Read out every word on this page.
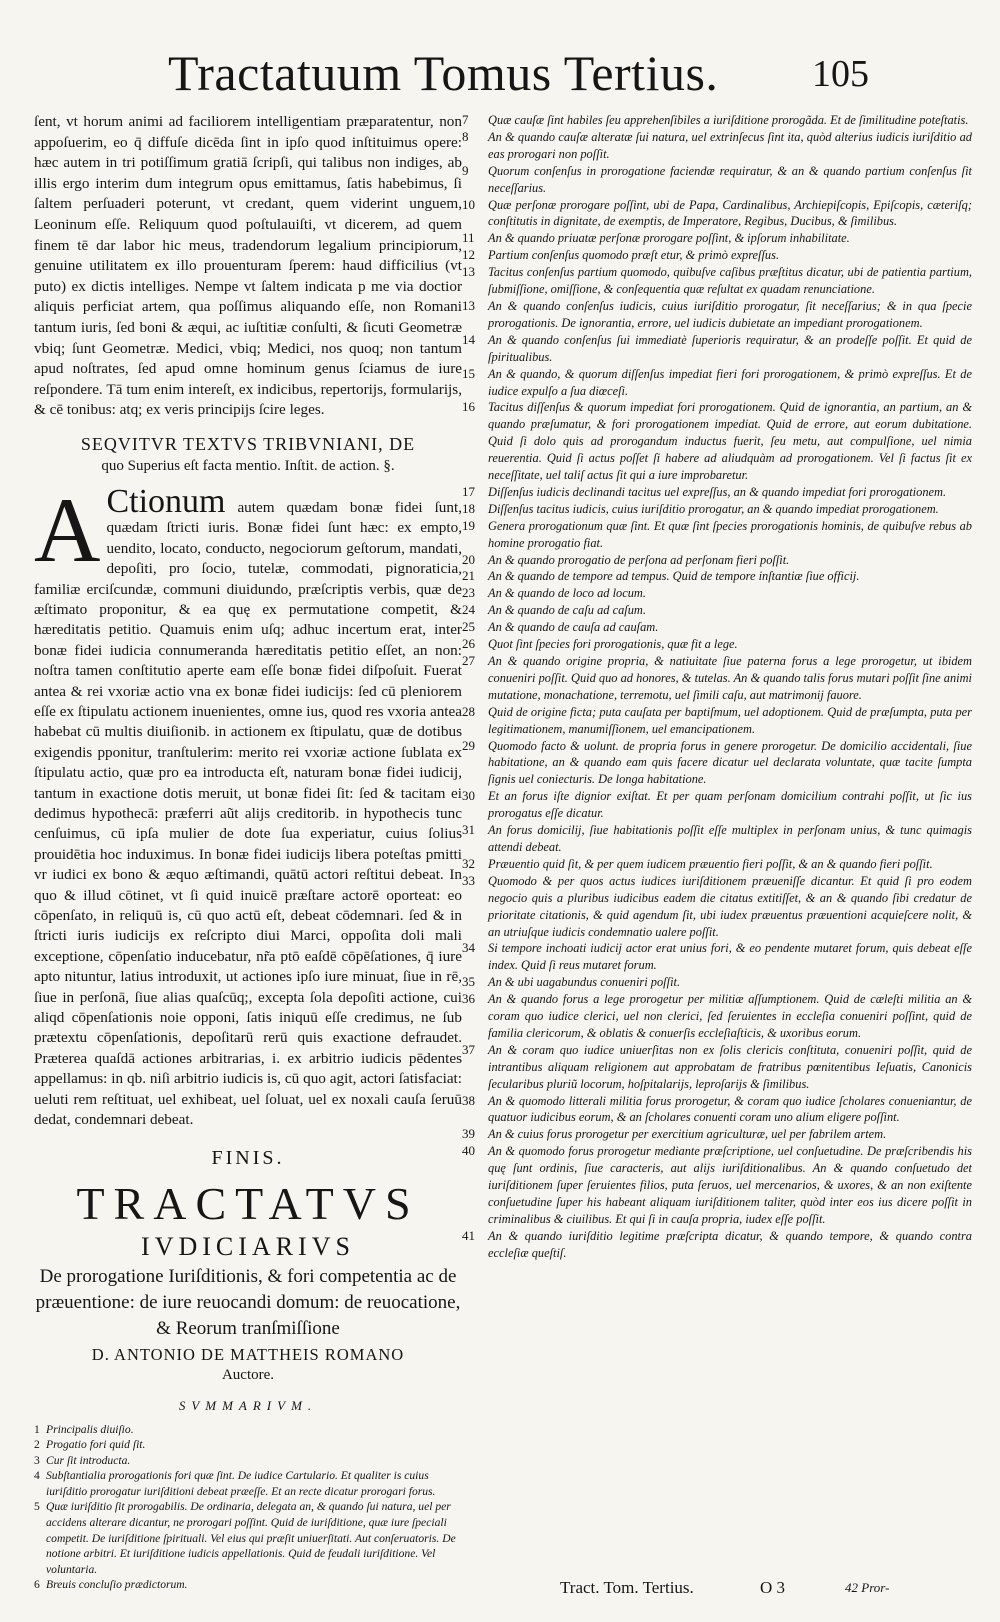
Tractatuum Tomus Tertius. 105
ſent, vt horum animi ad faciliorem intelligentiam præparatentur, non appoſuerim, eo q̄ diffuſe dicēda ſint in ipſo quod inſtituimus opere: hæc autem in tri potiſſimum gratiā ſcripſi, qui talibus non indiges, ab illis ergo interim dum integrum opus emittamus, ſatis habebimus, ſi ſaltem perſuaderi poterunt, vt credant, quem viderint unguem, Leoninum eſſe. Reliquum quod poſtulauiſti, vt dicerem, ad quem finem tē dar labor hic meus, tradendorum legalium principiorum, genuine utilitatem ex illo prouenturam ſperem: haud difficilius (vt puto) ex dictis intelliges. Nempe vt ſaltem indicata p me via doctior aliquis perficiat artem, qua poſſimus aliquando eſſe, non Romani tantum iuris, ſed boni & æqui, ac iuſtitiæ conſulti, & ſicuti Geometræ vbiq; ſunt Geometræ. Medici, vbiq; Medici, nos quoq; non tantum apud noſtrates, ſed apud omne hominum genus ſciamus de iure reſpondere. Tā tum enim intereſt, ex indicibus, repertorijs, formularijs, & cē tonibus: atq; ex veris principijs ſcire leges.
SEQVITVR TEXTVS TRIBVNIANI, DE
quo Superius eſt facta mentio. Inſtit. de action. §.
A Ctionum autem quædam bonæ fidei ſunt, quædam ſtricti iuris. Bonæ fidei ſunt hæc: ex empto, uendito, locato, conducto, negociorum geſtorum, mandati, depoſiti, pro ſocio, tutelæ, commodati, pignoraticia, familiæ erciſcundæ, communi diuidundo, præſcriptis verbis, quæ de æſtimato proponitur, & ea quę ex permutatione competit, & hæreditatis petitio. Quamuis enim uſq; adhuc incertum erat, inter bonæ fidei iudicia connumeranda hæreditatis petitio eſſet, an non: noſtra tamen conſtitutio aperte eam eſſe bonæ fidei diſpoſuit. Fuerat antea & rei vxoriæ actio vna ex bonæ fidei iudicijs: ſed cū pleniorem eſſe ex ſtipulatu actionem inuenientes, omne ius, quod res vxoria antea habebat cū multis diuiſionib. in actionem ex ſtipulatu, quæ de dotibus exigendis pponitur, tranſtulerim: merito rei vxoriæ actione ſublata ex ſtipulatu actio, quæ pro ea introducta eſt, naturam bonæ fidei iudicij, tantum in exactione dotis meruit, ut bonæ fidei ſit: ſed & tacitam ei dedimus hypothecā: præferri aũt alijs creditorib. in hypothecis tunc cenſuimus, cū ipſa mulier de dote ſua experiatur, cuius ſolius prouidētia hoc induximus. In bonæ fidei iudicijs libera poteſtas pmitti vr iudici ex bono & æquo æſtimandi, quātū actori reſtitui debeat. In quo & illud cōtinet, vt ſi quid inuicē præſtare actorē oporteat: eo cōpenſato, in reliquū is, cū quo actū eſt, debeat cōdemnari. ſed & in ſtricti iuris iudicijs ex reſcripto diui Marci, oppoſita doli mali exceptione, cōpenſatio inducebatur, nr̃a ptō eaſdē cōpēſationes, q̄ iure apto nituntur, latius introduxit, ut actiones ipſo iure minuat, ſiue in rē, ſiue in perſonā, ſiue alias quaſcūq;, excepta ſola depoſiti actione, cui aliqd cōpenſationis noie opponi, ſatis iniquū eſſe credimus, ne ſub prætextu cōpenſationis, depoſitarū rerū quis exactione defraudet. Præterea quaſdā actiones arbitrarias, i. ex arbitrio iudicis pēdentes appellamus: in qb. niſi arbitrio iudicis is, cū quo agit, actori ſatisfaciat: ueluti rem reſtituat, uel exhibeat, uel ſoluat, uel ex noxali cauſa ſeruū dedat, condemnari debeat.
FINIS.
TRACTATVS
IVDICIARIVS
De prorogatione Iuriſditionis, & fori competentia ac de præuentione: de iure reuocandi domum: de reuocatione, & Reorum tranſmiſſione
D. ANTONIO DE MATTHEIS ROMANO
Auctore.
SVMMARIVM.
1 Principalis diuiſio.
2 Progatio fori quid ſit.
3 Cur ſit introducta.
4 Subſtantialia prorogationis fori quæ ſint. De iudice Cartulario. Et qualiter is cuius iuriſditio prorogatur iuriſditioni debeat præeſſe. Et an recte dicatur prorogari forus.
5 Quæ iuriſditio ſit prorogabilis. De ordinaria, delegata an, & quando ſui natura, uel per accidens alterare dicantur, ne prorogari poſſint. Quid de iuriſditione, quæ iure ſpeciali competit. De iuriſditione ſpirituali. Vel eius qui præſit uniuerſitati. Aut conſeruatoris. De notione arbitri. Et iuriſditione iudicis appellationis. Quid de feudali iuriſditione. Vel voluntaria.
6 Breuis concluſio prædictorum.
7	Quæ cauſæ ſint habiles ſeu apprehenſibiles a iuriſditione prorogãda. Et de ſimilitudine poteſtatis.
8	An & quando cauſæ alteratæ ſui natura, uel extrinſecus ſint ita, quòd alterius iudicis iuriſditio ad eas prorogari non poſſit.
9	Quorum conſenſus in prorogatione faciendæ requiratur, & an & quando partium conſenſus ſit neceſſarius.
10	Quæ perſonæ prorogare poſſint, ubi de Papa, Cardinalibus, Archiepiſcopis, Epiſcopis, cæteriſq; conſtitutis in dignitate, de exemptis, de Imperatore, Regibus, Ducibus, & ſimilibus.
11	An & quando priuatæ perſonæ prorogare poſſint, & ipſorum inhabilitate.
12	Partium conſenſus quomodo præſt etur, & primò expreſſus.
13	Tacitus conſenſus partium quomodo, quibuſve caſibus præſtitus dicatur, ubi de patientia partium, ſubmiſſione, omiſſione, & conſequentia quæ reſultat ex quadam renunciatione.
13	An & quando conſenſus iudicis, cuius iuriſditio prorogatur, ſit neceſſarius; & in qua ſpecie prorogationis. De ignorantia, errore, uel iudicis dubietate an impediant prorogationem.
14	An & quando conſenſus ſui immediatè ſuperioris requiratur, & an prodeſſe poſſit. Et quid de ſpiritualibus.
15	An & quando, & quorum diſſenſus impediat fieri fori prorogationem, & primò expreſſus. Et de iudice expulſo a ſua diœceſi.
16	Tacitus diſſenſus & quorum impediat fori prorogationem. Quid de ignorantia, an partium, an & quando præſumatur, & fori prorogationem impediat. Quid de errore, aut eorum dubitatione. Quid ſi dolo quis ad prorogandum inductus fuerit, ſeu metu, aut compulſione, uel nimia reuerentia. Quid ſi actus poſſet ſi habere ad aliudquàm ad prorogationem. Vel ſi factus ſit ex neceſſitate, uel taliſ actus ſit qui a iure improbaretur.
17	Diſſenſus iudicis declinandi tacitus uel expreſſus, an & quando impediat fori prorogationem.
18	Diſſenſus tacitus iudicis, cuius iuriſditio prorogatur, an & quando impediat prorogationem.
19	Genera prorogationum quæ ſint. Et quæ ſint ſpecies prorogationis hominis, de quibuſve rebus ab homine prorogatio fiat.
20	An & quando prorogatio de perſona ad perſonam fieri poſſit.
21	An & quando de tempore ad tempus. Quid de tempore inſtantiæ ſiue officij.
23	An & quando de loco ad locum.
24	An & quando de caſu ad caſum.
25	An & quando de cauſa ad cauſam.
26	Quot ſint ſpecies fori prorogationis, quæ fit a lege.
27	An & quando origine propria, & natiuitate ſiue paterna forus a lege prorogetur, ut ibidem conueniri poſſit. Quid quo ad honores, & tutelas. An & quando talis forus mutari poſſit ſine animi mutatione, monachatione, terremotu, uel ſimili caſu, aut matrimonij fauore.
28	Quid de origine ficta; puta cauſata per baptiſmum, uel adoptionem. Quid de præſumpta, puta per legitimationem, manumiſſionem, uel emancipationem.
29	Quomodo facto & uolunt. de propria forus in genere prorogetur. De domicilio accidentali, ſiue habitatione, an & quando eam quis facere dicatur uel declarata voluntate, quæ tacite ſumpta ſignis uel coniecturis. De longa habitatione.
30	Et an forus iſte dignior exiſtat. Et per quam perſonam domicilium contrahi poſſit, ut ſic ius prorogatus eſſe dicatur.
31	An forus domicilij, ſiue habitationis poſſit eſſe multiplex in perſonam unius, & tunc quimagis attendi debeat.
32	Præuentio quid ſit, & per quem iudicem præuentio fieri poſſit, & an & quando fieri poſſit.
33	Quomodo & per quos actus iudices iuriſditionem præueniſſe dicantur. Et quid ſi pro eodem negocio quis a pluribus iudicibus eadem die citatus extitiſſet, & an & quando ſibi credatur de prioritate citationis, & quid agendum ſit, ubi iudex præuentus præuentioni acquieſcere nolit, & an utriuſque iudicis condemnatio ualere poſſit.
34	Si tempore inchoati iudicij actor erat unius fori, & eo pendente mutaret forum, quis debeat eſſe index. Quid ſi reus mutaret forum.
35	An & ubi uagabundus conueniri poſſit.
36	An & quando forus a lege prorogetur per militiæ aſſumptionem. Quid de cæleſti militia an & coram quo iudice clerici, uel non clerici, ſed ſeruientes in eccleſia conueniri poſſint, quid de familia clericorum, & oblatis & conuerſis eccleſiaſticis, & uxoribus eorum.
37	An & coram quo iudice uniuerſitas non ex ſolis clericis conſtituta, conueniri poſſit, quid de intrantibus aliquam religionem aut approbatam de fratribus pœnitentibus Ieſuatis, Canonicis ſecularibus pluriũ locorum, hoſpitalarijs, leproſarijs & ſimilibus.
38	An & quomodo litterali militia forus prorogetur, & coram quo iudice ſcholares conueniantur, de quatuor iudicibus eorum, & an ſcholares conuenti coram uno alium eligere poſſint.
39	An & cuius forus prorogetur per exercitium agriculturæ, uel per fabrilem artem.
40	An & quomodo forus prorogetur mediante præſcriptione, uel conſuetudine. De præſcribendis his quę ſunt ordinis, ſiue caracteris, aut alijs iuriſditionalibus. An & quando conſuetudo det iuriſditionem ſuper ſeruientes filios, puta ſeruos, uel mercenarios, & uxores, & an non exiſtente conſuetudine ſuper his habeant aliquam iuriſditionem taliter, quòd inter eos ius dicere poſſit in criminalibus & ciuilibus. Et qui ſi in cauſa propria, iudex eſſe poſſit.
41	An & quando iuriſditio legitime præſcripta dicatur, & quando tempore, & quando contra eccleſiæ queſtiſ.
Tract. Tom. Tertius.	O 3	42 Pror-
